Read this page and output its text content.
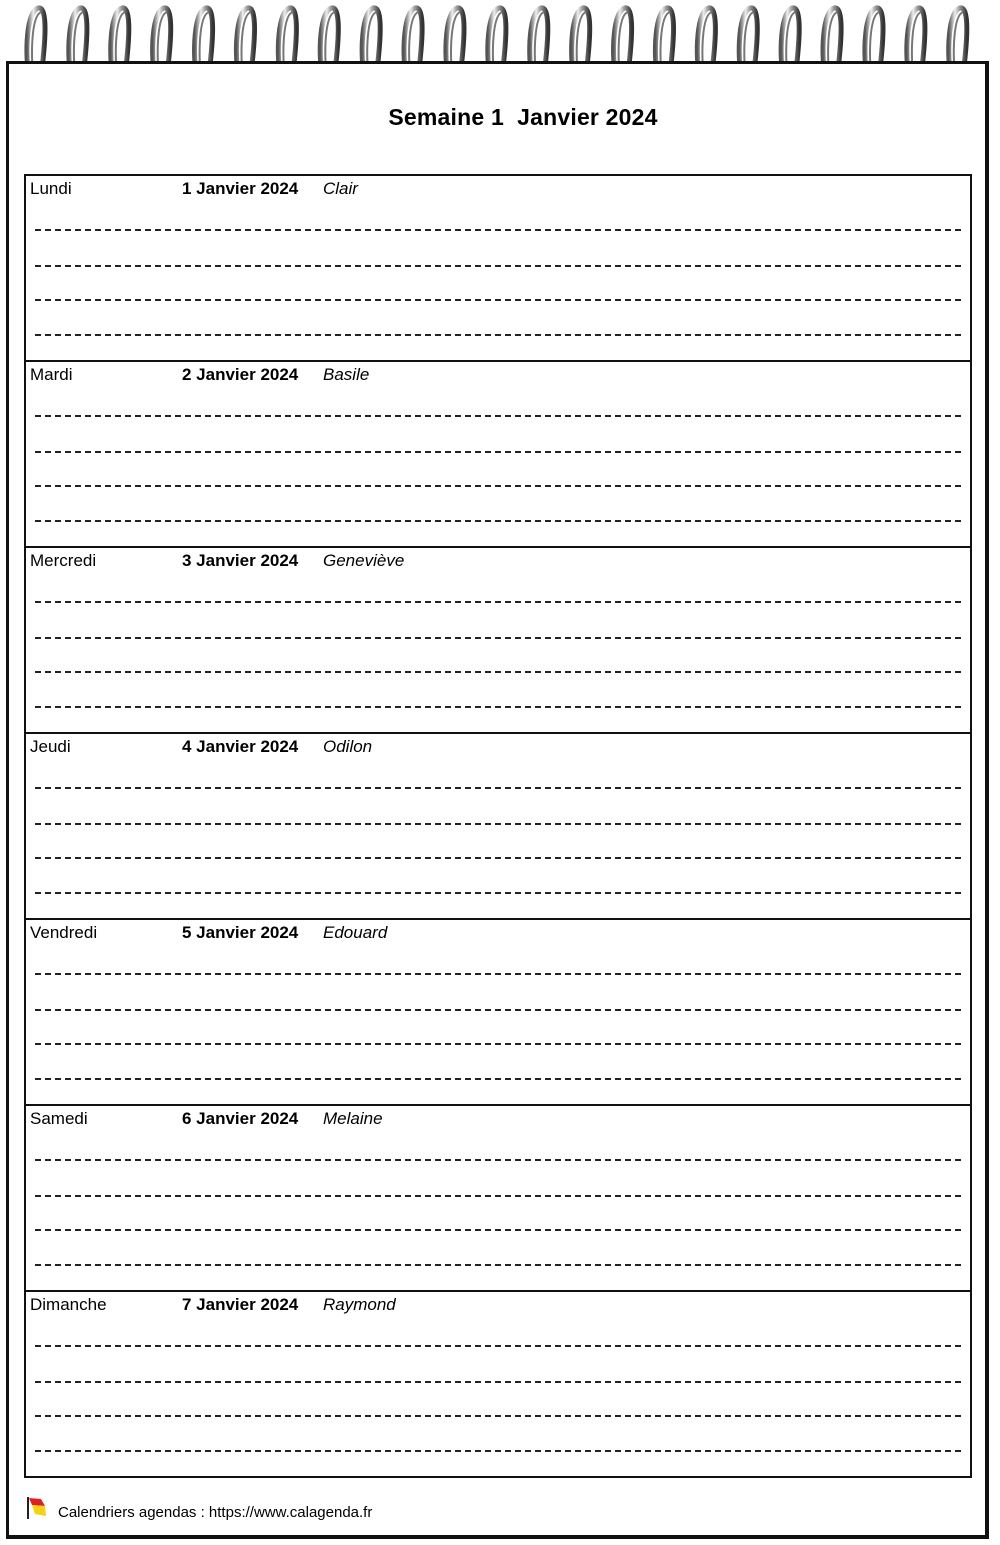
Semaine 1  Janvier 2024
Lundi	1 Janvier 2024 Clair
Mardi	2 Janvier 2024 Basile
Mercredi	3 Janvier 2024 Geneviève
Jeudi	4 Janvier 2024 Odilon
Vendredi	5 Janvier 2024 Edouard
Samedi	6 Janvier 2024 Melaine
Dimanche	7 Janvier 2024 Raymond
Calendriers agendas : https://www.calagenda.fr
